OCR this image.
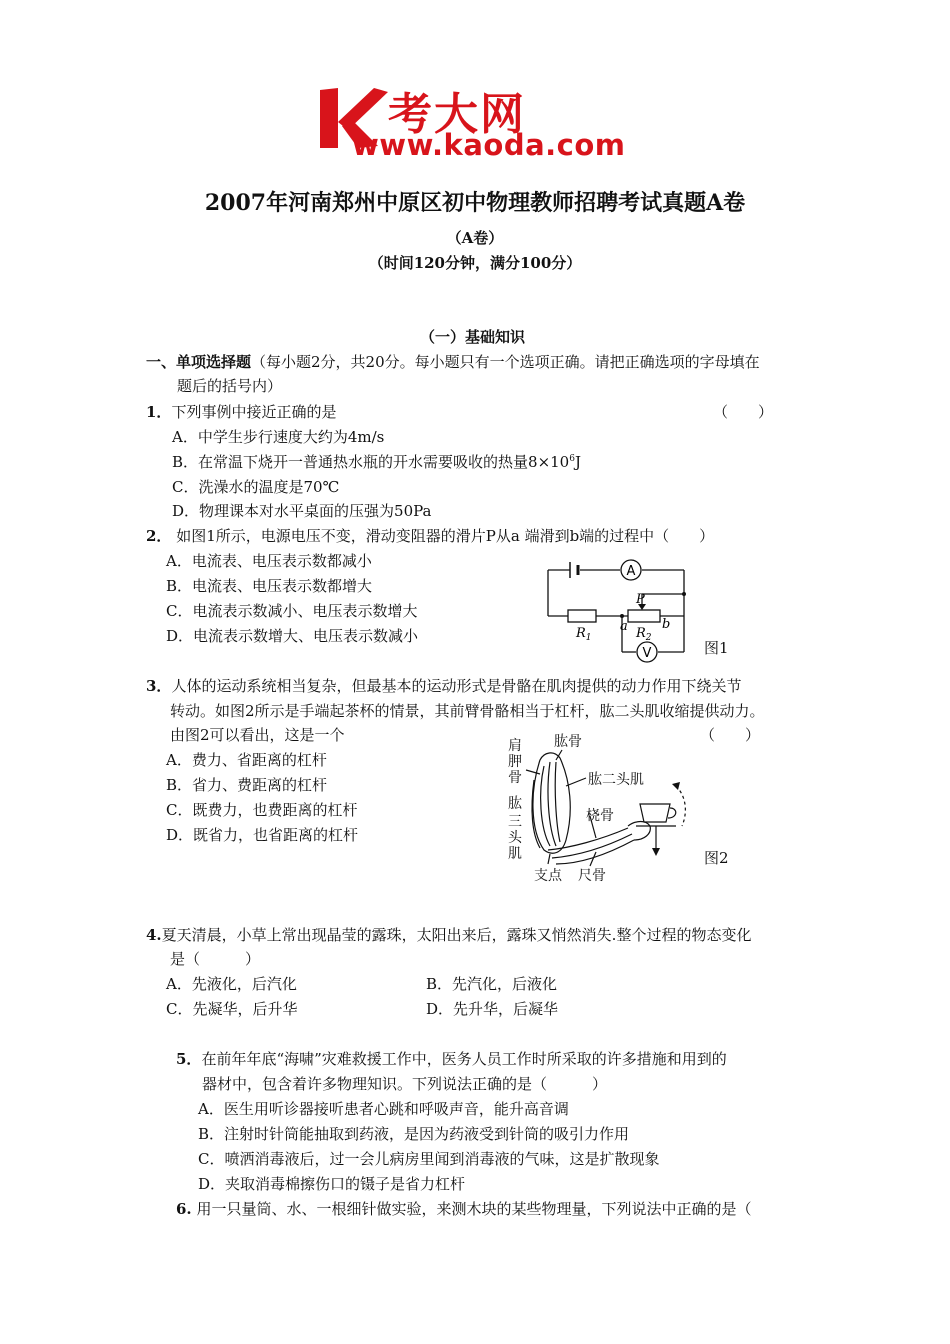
考大网
www.kaoda.com
2007年河南郑州中原区初中物理教师招聘考试真题A卷
（A卷）
（时间120分钟，满分100分）
（一）基础知识
一、单项选择题（每小题2分，共20分。每小题只有一个选项正确。请把正确选项的字母填在
题后的括号内）
1．下列事例中接近正确的是	（　　）
A．中学生步行速度大约为4m/s
B．在常温下烧开一普通热水瓶的开水需要吸收的热量$8\times 10^6J$
C．洗澡水的温度是70℃
D．物理课本对水平桌面的压强为50Pa
2． 如图1所示，电源电压不变，滑动变阻器的滑片P从a 端滑到b端的过程中（　　）
A．电流表、电压表示数都减小
B．电流表、电压表示数都增大
C．电流表示数减小、电压表示数增大
D．电流表示数增大、电压表示数减小
A
V
P
$R_1$	$R_2$
a	b
图1
3．人体的运动系统相当复杂，但最基本的运动形式是骨骼在肌肉提供的动力作用下绕关节
转动。如图2所示是手端起茶杯的情景，其前臂骨骼相当于杠杆，肱二头肌收缩提供动力。
由图2可以看出，这是一个	（　　）
A．费力、省距离的杠杆
B．省力、费距离的杠杆
C．既费力，也费距离的杠杆
D．既省力，也省距离的杠杆
肩
胛
骨
肱骨
肱二头肌
桡骨
肱
三
头
肌
支点 尺骨
图2
4.夏天清晨，小草上常出现晶莹的露珠，太阳出来后，露珠又悄然消失.整个过程的物态变化
是（　　　）
A．先液化，后汽化	B．先汽化，后液化
C．先凝华，后升华	D．先升华，后凝华
5．在前年年底“海啸”灾难救援工作中，医务人员工作时所采取的许多措施和用到的
器材中，包含着许多物理知识。下列说法正确的是（　　　）
A．医生用听诊器接听患者心跳和呼吸声音，能升高音调
B．注射时针筒能抽取到药液，是因为药液受到针筒的吸引力作用
C．喷洒消毒液后，过一会儿病房里闻到消毒液的气味，这是扩散现象
D．夹取消毒棉擦伤口的镊子是省力杠杆
6. 用一只量筒、水、一根细针做实验，来测木块的某些物理量，下列说法中正确的是（
